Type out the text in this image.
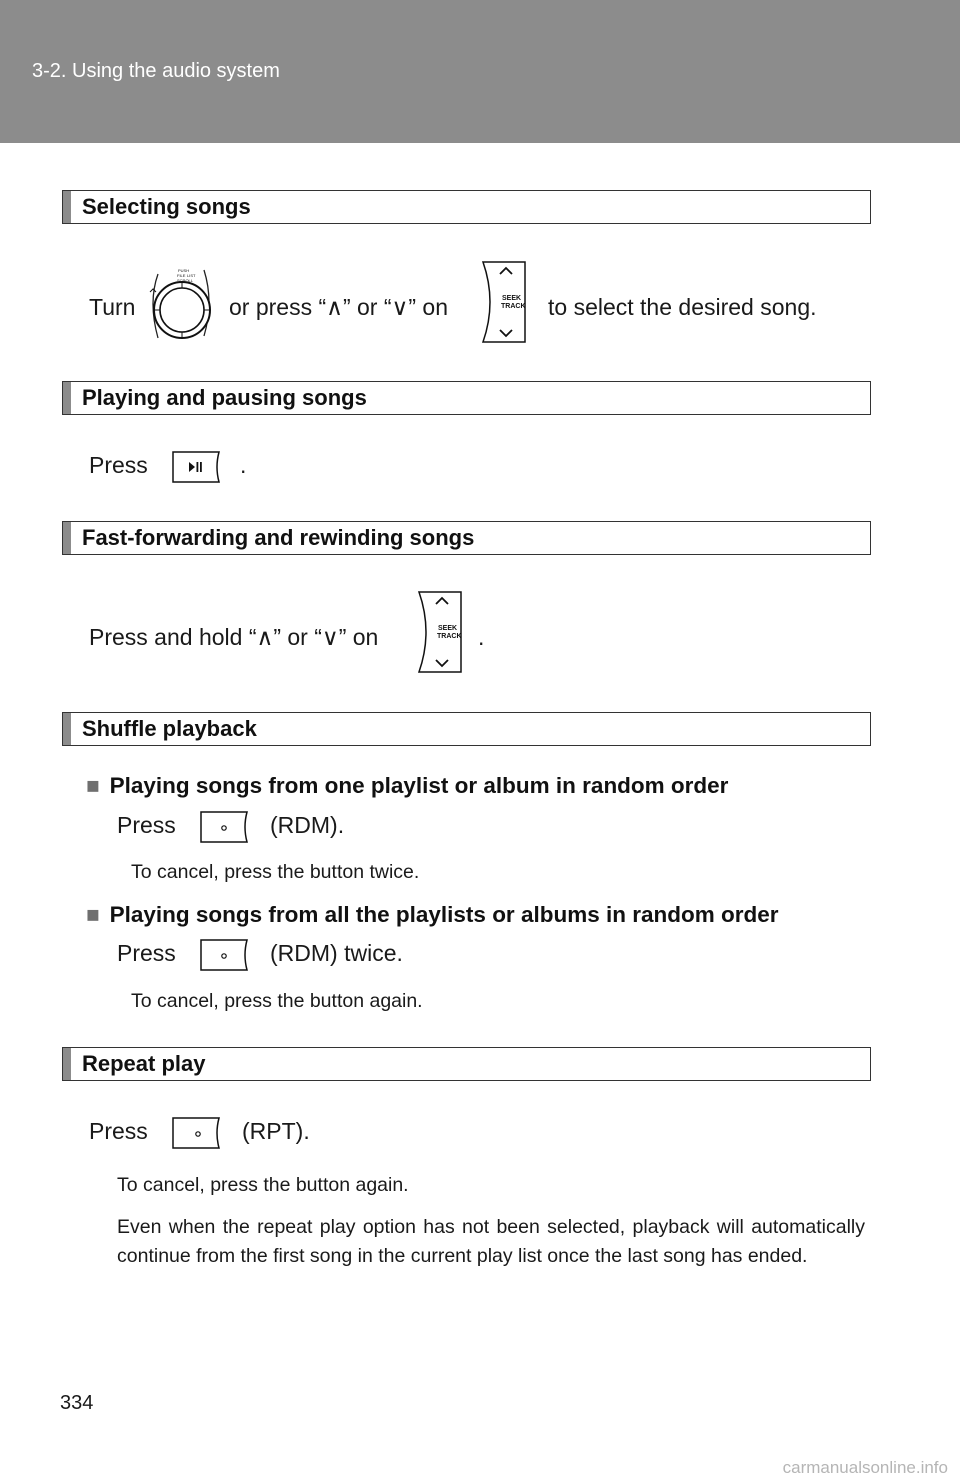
3-2. Using the audio system
Selecting songs
Turn
PUSH
FILE LIST
SCROLL
or press “∧” or “∨” on	SEEK
TRACK to select the desired song.
Playing and pausing songs
Press	.
Fast-forwarding and rewinding songs
Press and hold “∧” or “∨” on	SEEK
TRACK .
Shuffle playback
■ Playing songs from one playlist or album in random order
Press	(RDM).
To cancel, press the button twice.
■ Playing songs from all the playlists or albums in random order
Press	(RDM) twice.
To cancel, press the button again.
Repeat play
Press	(RPT).
To cancel, press the button again.
Even when the repeat play option has not been selected, playback will automatically continue from the first song in the current play list once the last song has ended.
334
carmanualsonline.info
